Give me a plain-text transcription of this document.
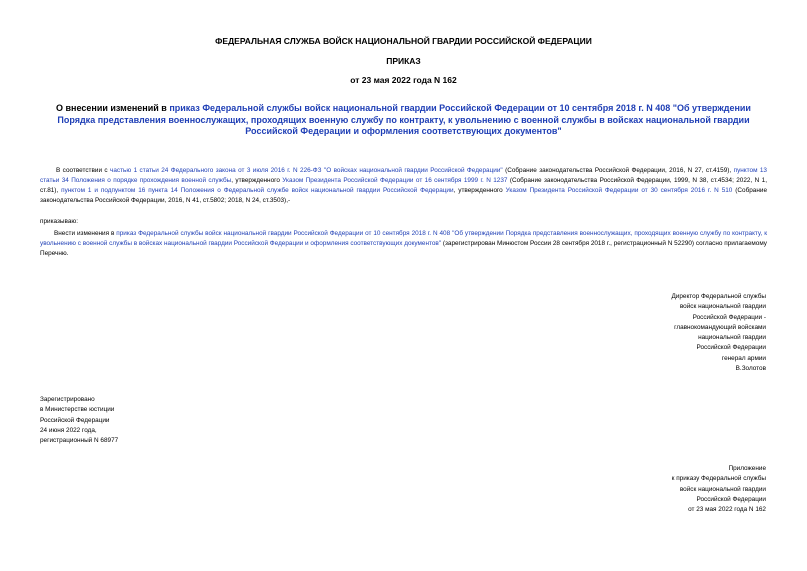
ФЕДЕРАЛЬНАЯ СЛУЖБА ВОЙСК НАЦИОНАЛЬНОЙ ГВАРДИИ РОССИЙСКОЙ ФЕДЕРАЦИИ
ПРИКАЗ
от 23 мая 2022 года N 162
О внесении изменений в приказ Федеральной службы войск национальной гвардии Российской Федерации от 10 сентября 2018 г. N 408 "Об утверждении Порядка представления военнослужащих, проходящих военную службу по контракту, к увольнению с военной службы в войсках национальной гвардии Российской Федерации и оформления соответствующих документов"
В соответствии с частью 1 статьи 24 Федерального закона от 3 июля 2016 г. N 226-ФЗ "О войсках национальной гвардии Российской Федерации" (Собрание законодательства Российской Федерации, 2016, N 27, ст.4159), пунктом 13 статьи 34 Положения о порядке прохождения военной службы, утвержденного Указом Президента Российской Федерации от 16 сентября 1999 г. N 1237 (Собрание законодательства Российской Федерации, 1999, N 38, ст.4534; 2022, N 1, ст.81), пунктом 1 и подпунктом 16 пункта 14 Положения о Федеральной службе войск национальной гвардии Российской Федерации, утвержденного Указом Президента Российской Федерации от 30 сентября 2016 г. N 510 (Собрание законодательства Российской Федерации, 2016, N 41, ст.5802; 2018, N 24, ст.3503),-
приказываю:
Внести изменения в приказ Федеральной службы войск национальной гвардии Российской Федерации от 10 сентября 2018 г. N 408 "Об утверждении Порядка представления военнослужащих, проходящих военную службу по контракту, к увольнению с военной службы в войсках национальной гвардии Российской Федерации и оформления соответствующих документов" (зарегистрирован Минюстом России 28 сентября 2018 г., регистрационный N 52290) согласно прилагаемому Перечню.
Директор Федеральной службы
войск национальной гвардии
Российской Федерации -
главнокомандующий войсками
национальной гвардии
Российской Федерации
генерал армии
В.Золотов
Зарегистрировано
в Министерстве юстиции
Российской Федерации
24 июня 2022 года,
регистрационный N 68977
Приложение
к приказу Федеральной службы
войск национальной гвардии
Российской Федерации
от 23 мая 2022 года N 162
